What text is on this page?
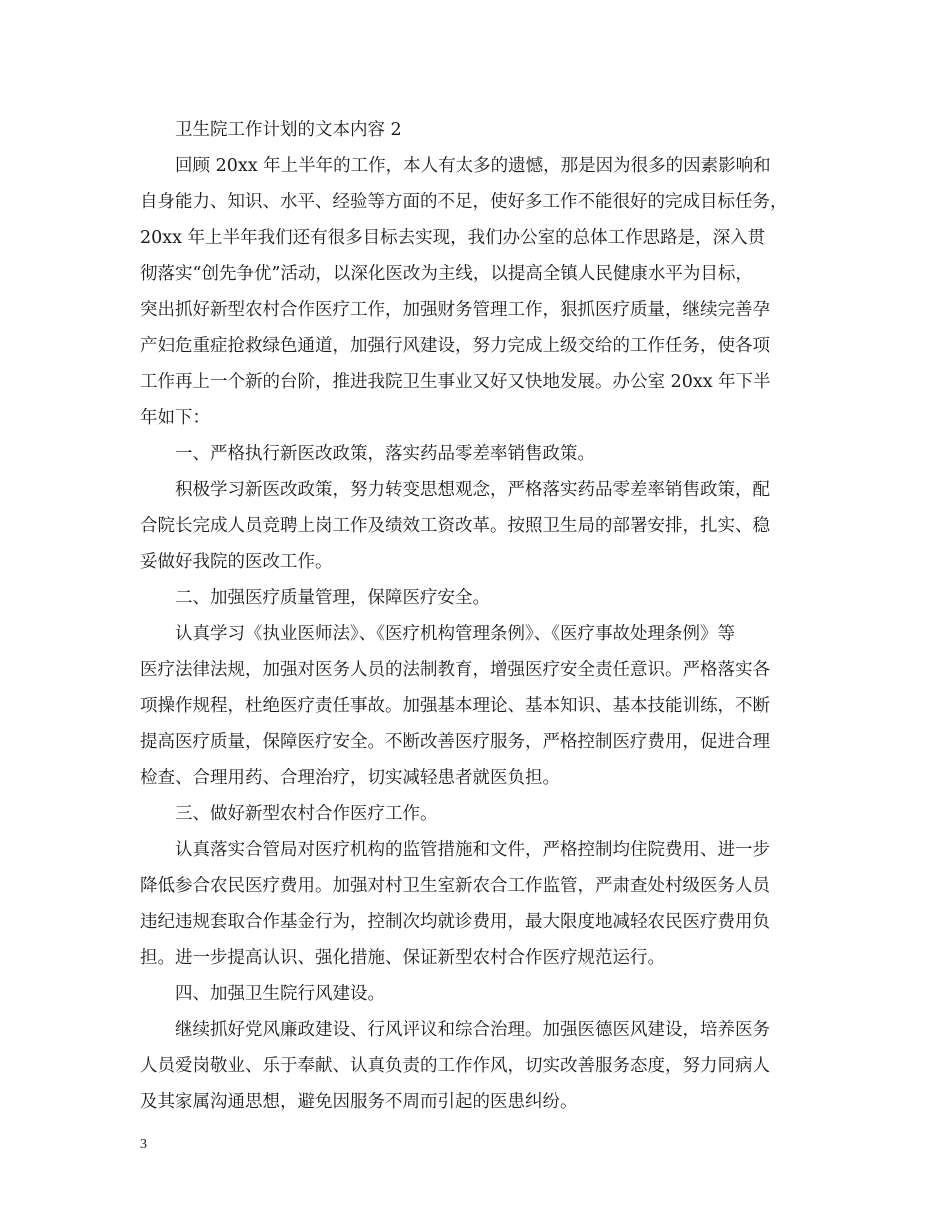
卫生院工作计划的文本内容 2
回顾 20xx 年上半年的工作，本人有太多的遗憾，那是因为很多的因素影响和
自身能力、知识、水平、经验等方面的不足，使好多工作不能很好的完成目标任务，
20xx 年上半年我们还有很多目标去实现，我们办公室的总体工作思路是，深入贯
彻落实“创先争优”活动，以深化医改为主线，以提高全镇人民健康水平为目标，
突出抓好新型农村合作医疗工作，加强财务管理工作，狠抓医疗质量，继续完善孕
产妇危重症抢救绿色通道，加强行风建设，努力完成上级交给的工作任务，使各项
工作再上一个新的台阶，推进我院卫生事业又好又快地发展。办公室 20xx 年下半
年如下：
一、严格执行新医改政策，落实药品零差率销售政策。
积极学习新医改政策，努力转变思想观念，严格落实药品零差率销售政策，配
合院长完成人员竞聘上岗工作及绩效工资改革。按照卫生局的部署安排，扎实、稳
妥做好我院的医改工作。
二、加强医疗质量管理，保障医疗安全。
认真学习《执业医师法》、《医疗机构管理条例》、《医疗事故处理条例》等
医疗法律法规，加强对医务人员的法制教育，增强医疗安全责任意识。严格落实各
项操作规程，杜绝医疗责任事故。加强基本理论、基本知识、基本技能训练，不断
提高医疗质量，保障医疗安全。不断改善医疗服务，严格控制医疗费用，促进合理
检查、合理用药、合理治疗，切实减轻患者就医负担。
三、做好新型农村合作医疗工作。
认真落实合管局对医疗机构的监管措施和文件，严格控制均住院费用、进一步
降低参合农民医疗费用。加强对村卫生室新农合工作监管，严肃查处村级医务人员
违纪违规套取合作基金行为，控制次均就诊费用，最大限度地减轻农民医疗费用负
担。进一步提高认识、强化措施、保证新型农村合作医疗规范运行。
四、加强卫生院行风建设。
继续抓好党风廉政建设、行风评议和综合治理。加强医德医风建设，培养医务
人员爱岗敬业、乐于奉献、认真负责的工作作风，切实改善服务态度，努力同病人
及其家属沟通思想，避免因服务不周而引起的医患纠纷。
3
